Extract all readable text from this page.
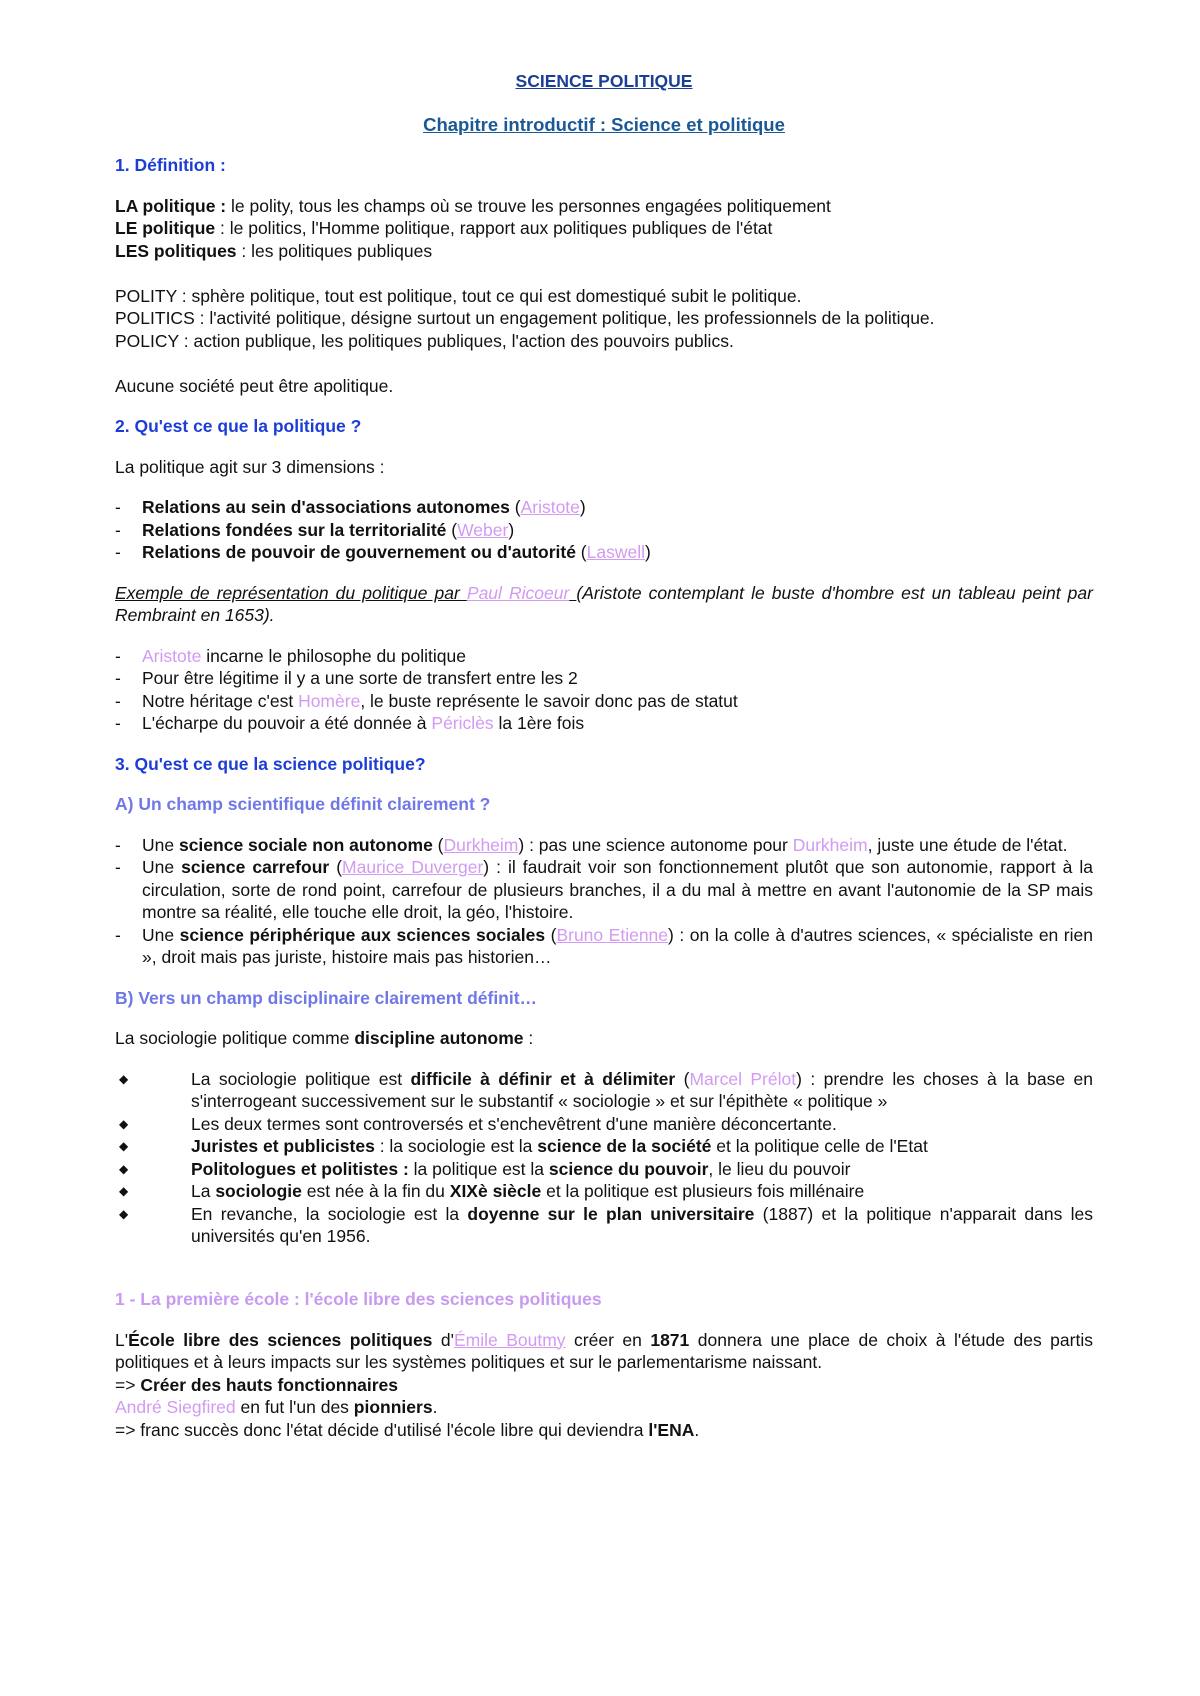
SCIENCE POLITIQUE

Chapitre introductif : Science et politique

1. Définition :

LA politique : le polity, tous les champs où se trouve les personnes engagées politiquement

LE politique : le politics, l'Homme politique, rapport aux politiques publiques de l'état

LES politiques : les politiques publiques

POLITY : sphère politique, tout est politique, tout ce qui est domestiqué subit le politique.

POLITICS : l'activité politique, désigne surtout un engagement politique, les professionnels de la politique.

POLICY : action publique, les politiques publiques, l'action des pouvoirs publics.

Aucune société peut être apolitique.

2. Qu'est ce que la politique ?

La politique agit sur 3 dimensions :

- Relations au sein d'associations autonomes (Aristote)
- Relations fondées sur la territorialité (Weber)
- Relations de pouvoir de gouvernement ou d'autorité (Laswell)

Exemple de représentation du politique par Paul Ricoeur (Aristote contemplant le buste d'hombre est un tableau peint par Rembraint en 1653).

- Aristote incarne le philosophe du politique
- Pour être légitime il y a une sorte de transfert entre les 2
- Notre héritage c'est Homère, le buste représente le savoir donc pas de statut
- L'écharpe du pouvoir a été donnée à Périclès la 1ère fois

3. Qu'est ce que la science politique?

A) Un champ scientifique définit clairement ?

- Une science sociale non autonome (Durkheim) : pas une science autonome pour Durkheim, juste une étude de l'état.
- Une science carrefour (Maurice Duverger) : il faudrait voir son fonctionnement plutôt que son autonomie, rapport à la circulation, sorte de rond point, carrefour de plusieurs branches, il a du mal à mettre en avant l'autonomie de la SP mais montre sa réalité, elle touche elle droit, la géo, l'histoire.
- Une science périphérique aux sciences sociales (Bruno Etienne) : on la colle à d'autres sciences, « spécialiste en rien », droit mais pas juriste, histoire mais pas historien…

B) Vers un champ disciplinaire clairement définit…

La sociologie politique comme discipline autonome :

◆	La sociologie politique est difficile à définir et à délimiter (Marcel Prélot) : prendre les choses à la base en s'interrogeant successivement sur le substantif « sociologie » et sur l'épithète « politique »
◆	Les deux termes sont controversés et s'enchevêtrent d'une manière déconcertante.
◆	Juristes et publicistes : la sociologie est la science de la société et la politique celle de l'Etat
◆	Politologues et politistes : la politique est la science du pouvoir, le lieu du pouvoir
◆	La sociologie est née à la fin du XIXè siècle et la politique est plusieurs fois millénaire
◆	En revanche, la sociologie est la doyenne sur le plan universitaire (1887) et la politique n'apparait dans les universités qu'en 1956.

1 - La première école : l'école libre des sciences politiques

L'École libre des sciences politiques d'Émile Boutmy créer en 1871 donnera une place de choix à l'étude des partis politiques et à leurs impacts sur les systèmes politiques et sur le parlementarisme naissant.

=> Créer des hauts fonctionnaires

André Siegfired en fut l'un des pionniers.

=> franc succès donc l'état décide d'utilisé l'école libre qui deviendra l'ENA.
